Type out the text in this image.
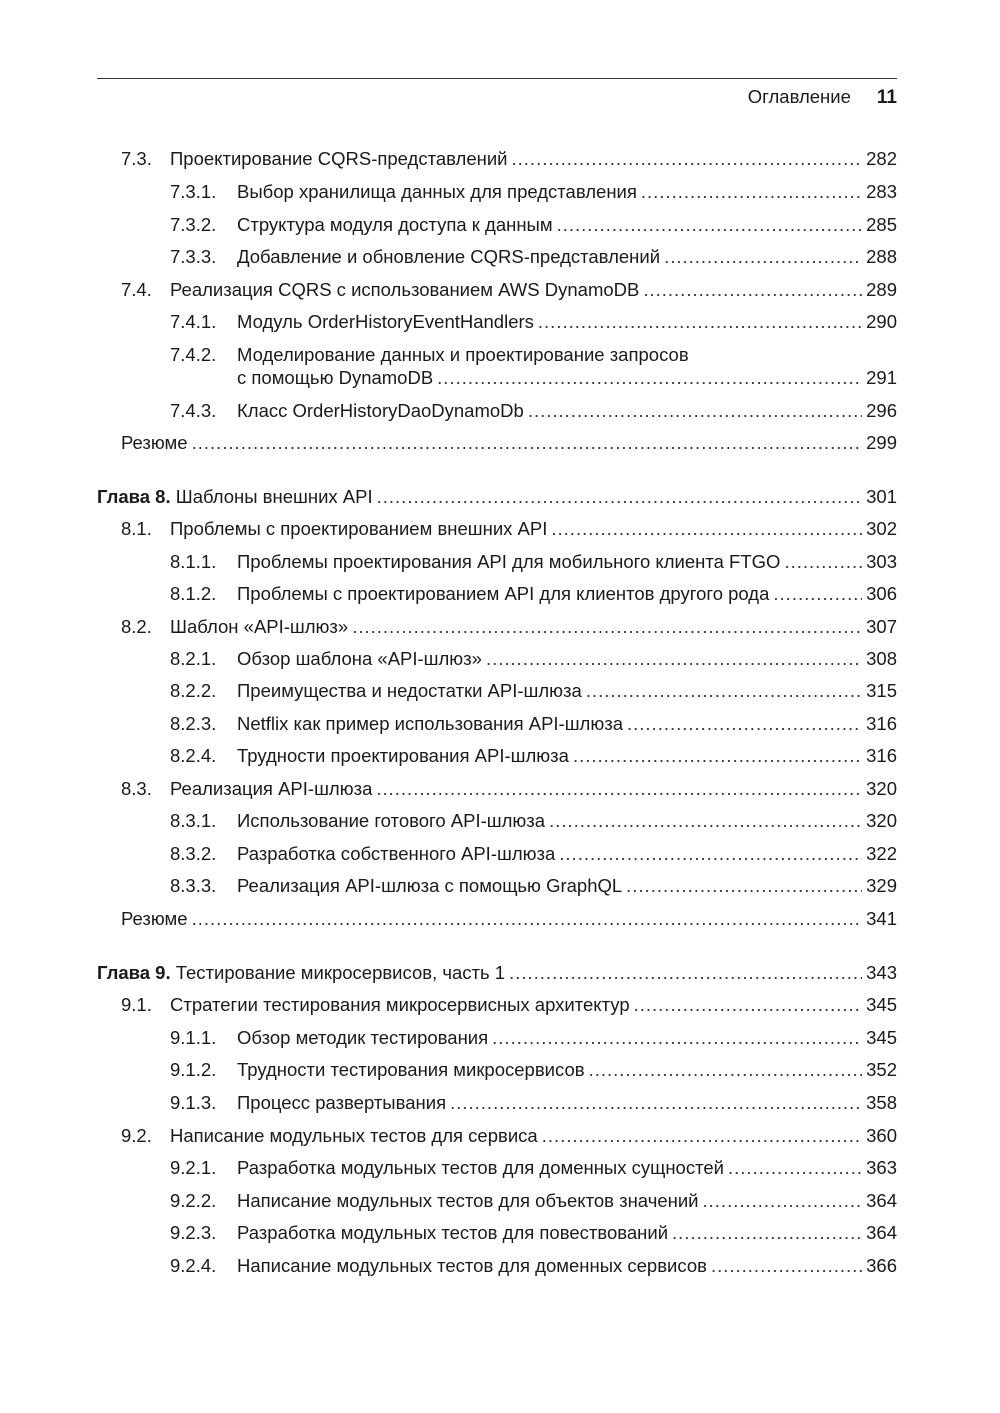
Оглавление 11
7.3. Проектирование CQRS-представлений .....	282
7.3.1.	Выбор хранилища данных для представления .....	283
7.3.2.	Структура модуля доступа к данным .....	285
7.3.3.	Добавление и обновление CQRS-представлений .....	288
7.4. Реализация CQRS с использованием AWS DynamoDB .....	289
7.4.1.	Модуль OrderHistoryEventHandlers .....	290
7.4.2.	Моделирование данных и проектирование запросов
с помощью DynamoDB .....	291
7.4.3.	Класс OrderHistoryDaoDynamoDb .....	296
Резюме .....	299
Глава 8. Шаблоны внешних API .....	301
8.1. Проблемы с проектированием внешних API .....	302
8.1.1.	Проблемы проектирования API для мобильного клиента FTGO .....	303
8.1.2.	Проблемы с проектированием API для клиентов другого рода .....	306
8.2. Шаблон «API-шлюз» .....	307
8.2.1.	Обзор шаблона «API-шлюз» .....	308
8.2.2.	Преимущества и недостатки API-шлюза .....	315
8.2.3.	Netflix как пример использования API-шлюза .....	316
8.2.4.	Трудности проектирования API-шлюза .....	316
8.3. Реализация API-шлюза .....	320
8.3.1.	Использование готового API-шлюза .....	320
8.3.2.	Разработка собственного API-шлюза .....	322
8.3.3.	Реализация API-шлюза с помощью GraphQL .....	329
Резюме .....	341
Глава 9. Тестирование микросервисов, часть 1 .....	343
9.1. Стратегии тестирования микросервисных архитектур .....	345
9.1.1.	Обзор методик тестирования .....	345
9.1.2.	Трудности тестирования микросервисов .....	352
9.1.3.	Процесс развертывания .....	358
9.2. Написание модульных тестов для сервиса .....	360
9.2.1.	Разработка модульных тестов для доменных сущностей .....	363
9.2.2.	Написание модульных тестов для объектов значений .....	364
9.2.3.	Разработка модульных тестов для повествований .....	364
9.2.4.	Написание модульных тестов для доменных сервисов .....	366
